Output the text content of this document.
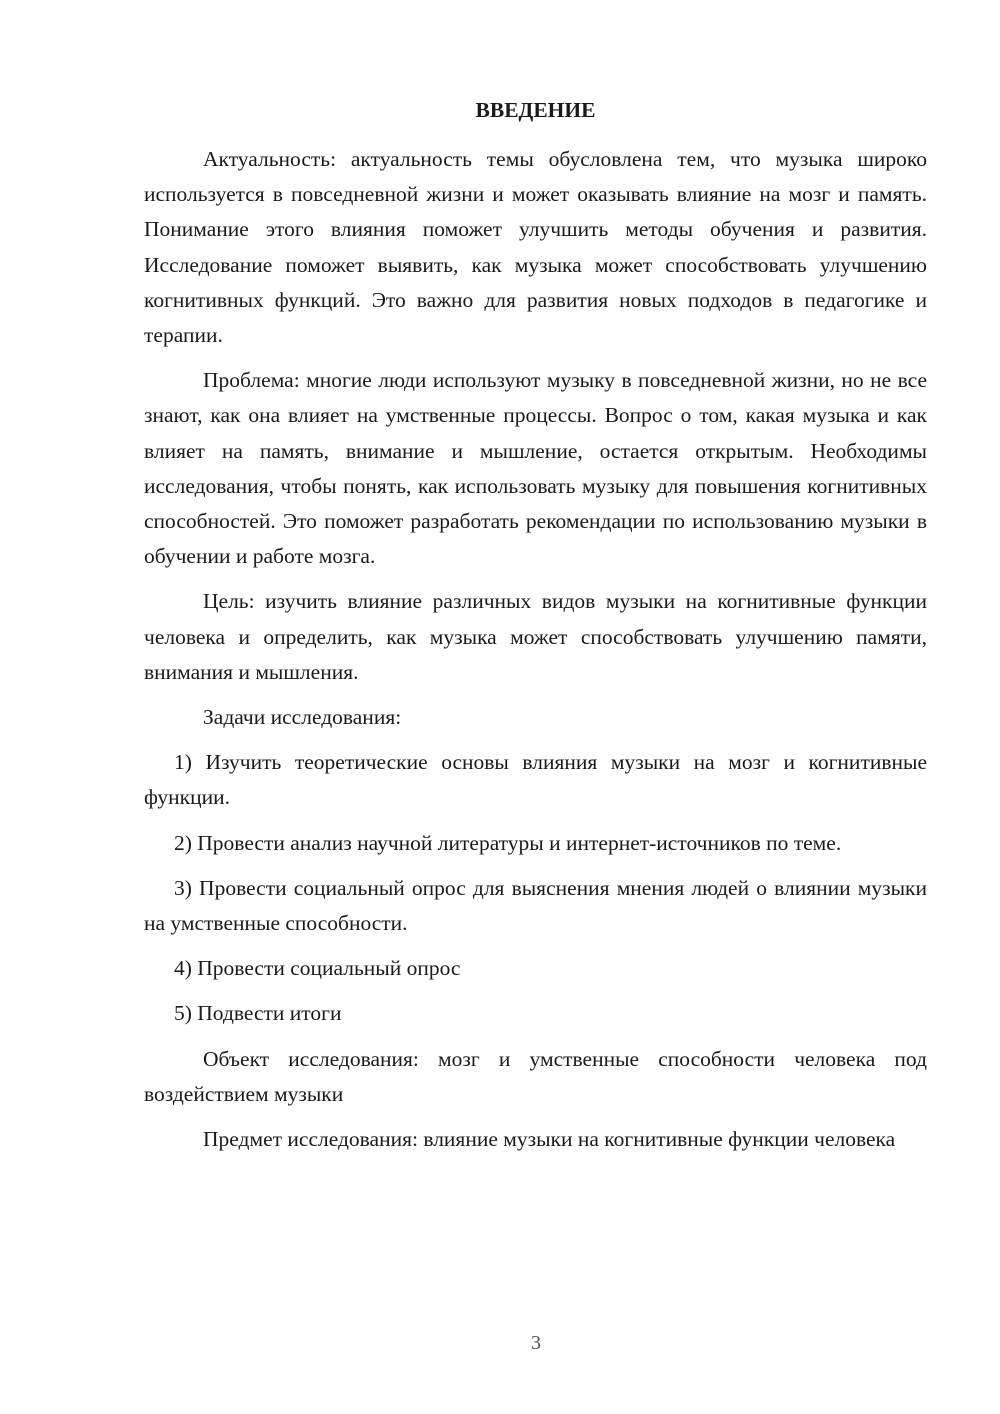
ВВЕДЕНИЕ

Актуальность: актуальность темы обусловлена тем, что музыка широко используется в повседневной жизни и может оказывать влияние на мозг и память. Понимание этого влияния поможет улучшить методы обучения и развития. Исследование поможет выявить, как музыка может способствовать улучшению когнитивных функций. Это важно для развития новых подходов в педагогике и терапии.

Проблема: многие люди используют музыку в повседневной жизни, но не все знают, как она влияет на умственные процессы. Вопрос о том, какая музыка и как влияет на память, внимание и мышление, остается открытым. Необходимы исследования, чтобы понять, как использовать музыку для повышения когнитивных способностей. Это поможет разработать рекомендации по использованию музыки в обучении и работе мозга.

Цель: изучить влияние различных видов музыки на когнитивные функции человека и определить, как музыка может способствовать улучшению памяти, внимания и мышления.

Задачи исследования:

1) Изучить теоретические основы влияния музыки на мозг и когнитивные функции.

2) Провести анализ научной литературы и интернет-источников по теме.

3) Провести социальный опрос для выяснения мнения людей о влиянии музыки на умственные способности.

4) Провести социальный опрос

5) Подвести итоги

Объект исследования: мозг и умственные способности человека под воздействием музыки

Предмет исследования: влияние музыки на когнитивные функции человека

3
